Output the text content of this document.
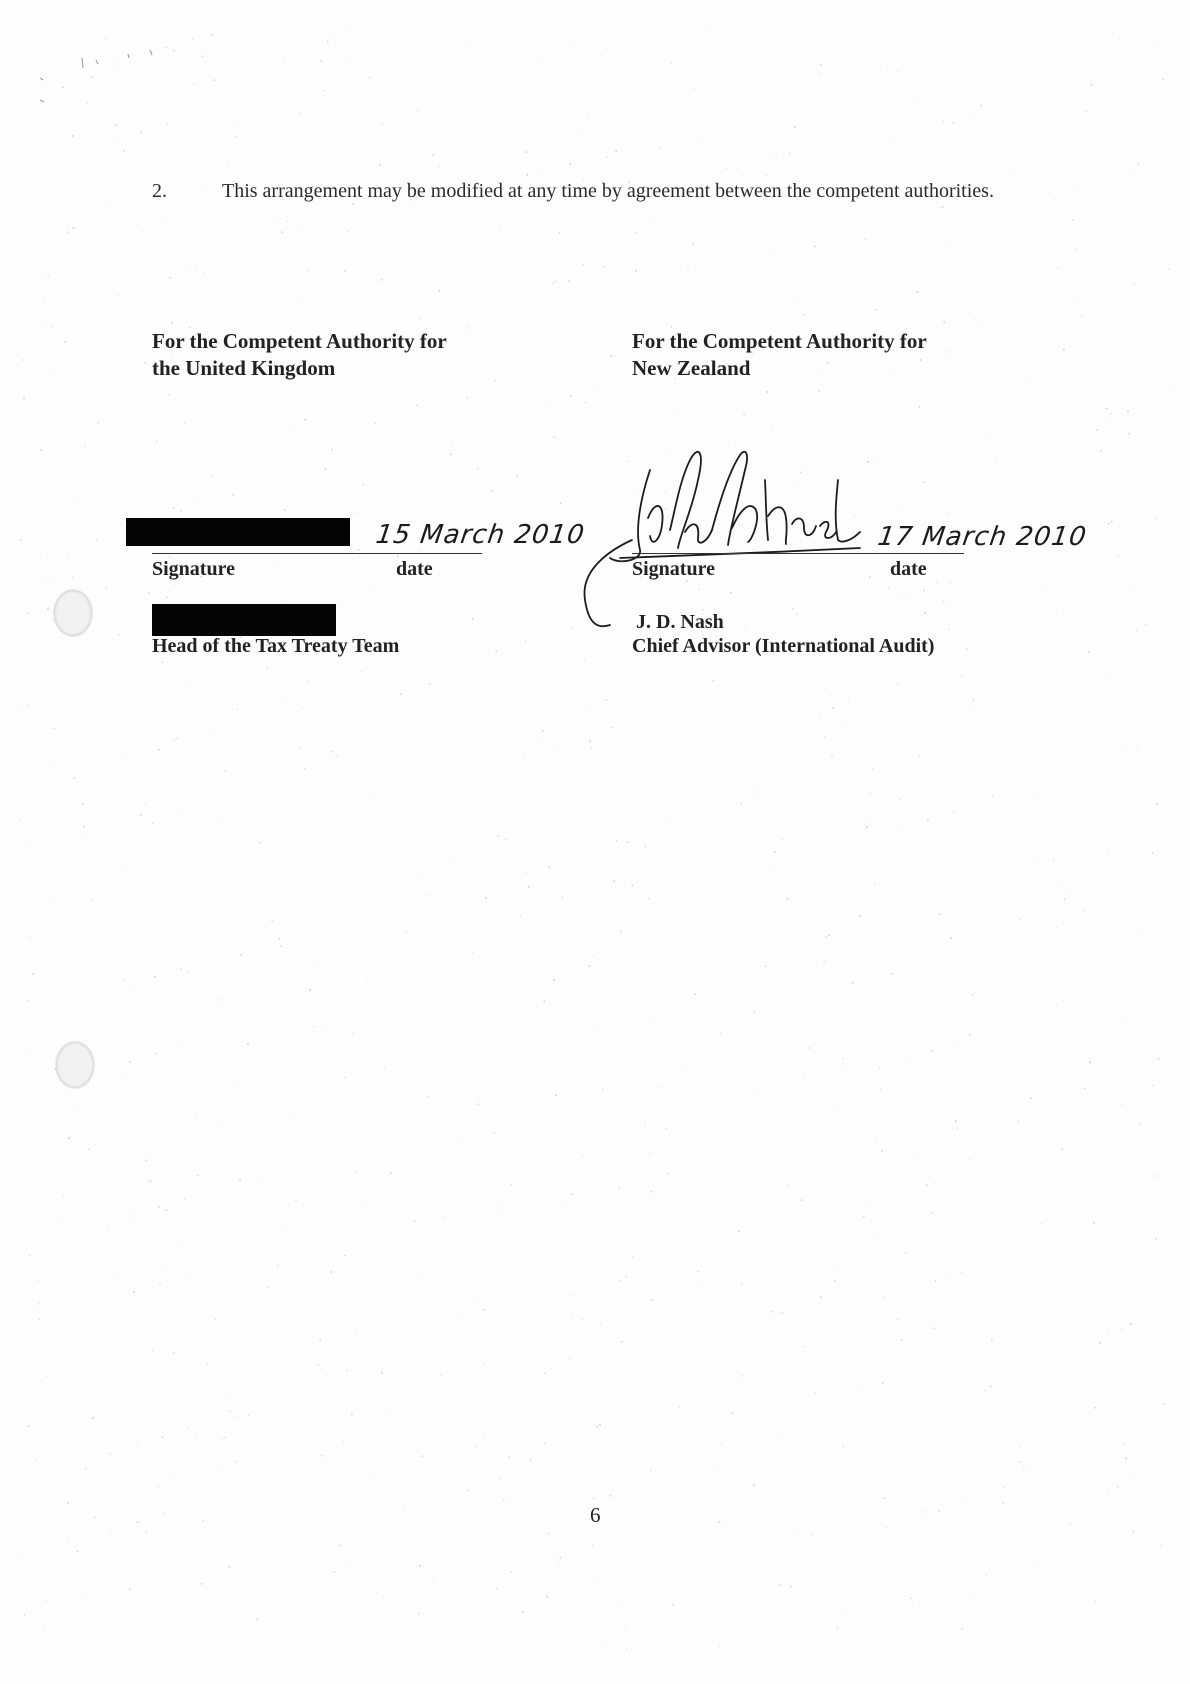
2.	This arrangement may be modified at any time by agreement between the competent authorities.
For the Competent Authority for
the United Kingdom
For the Competent Authority for
New Zealand
15 March 2010
Signature	date
Head of the Tax Treaty Team
17 March 2010
Signature	date
J. D. Nash
Chief Advisor (International Audit)
6
